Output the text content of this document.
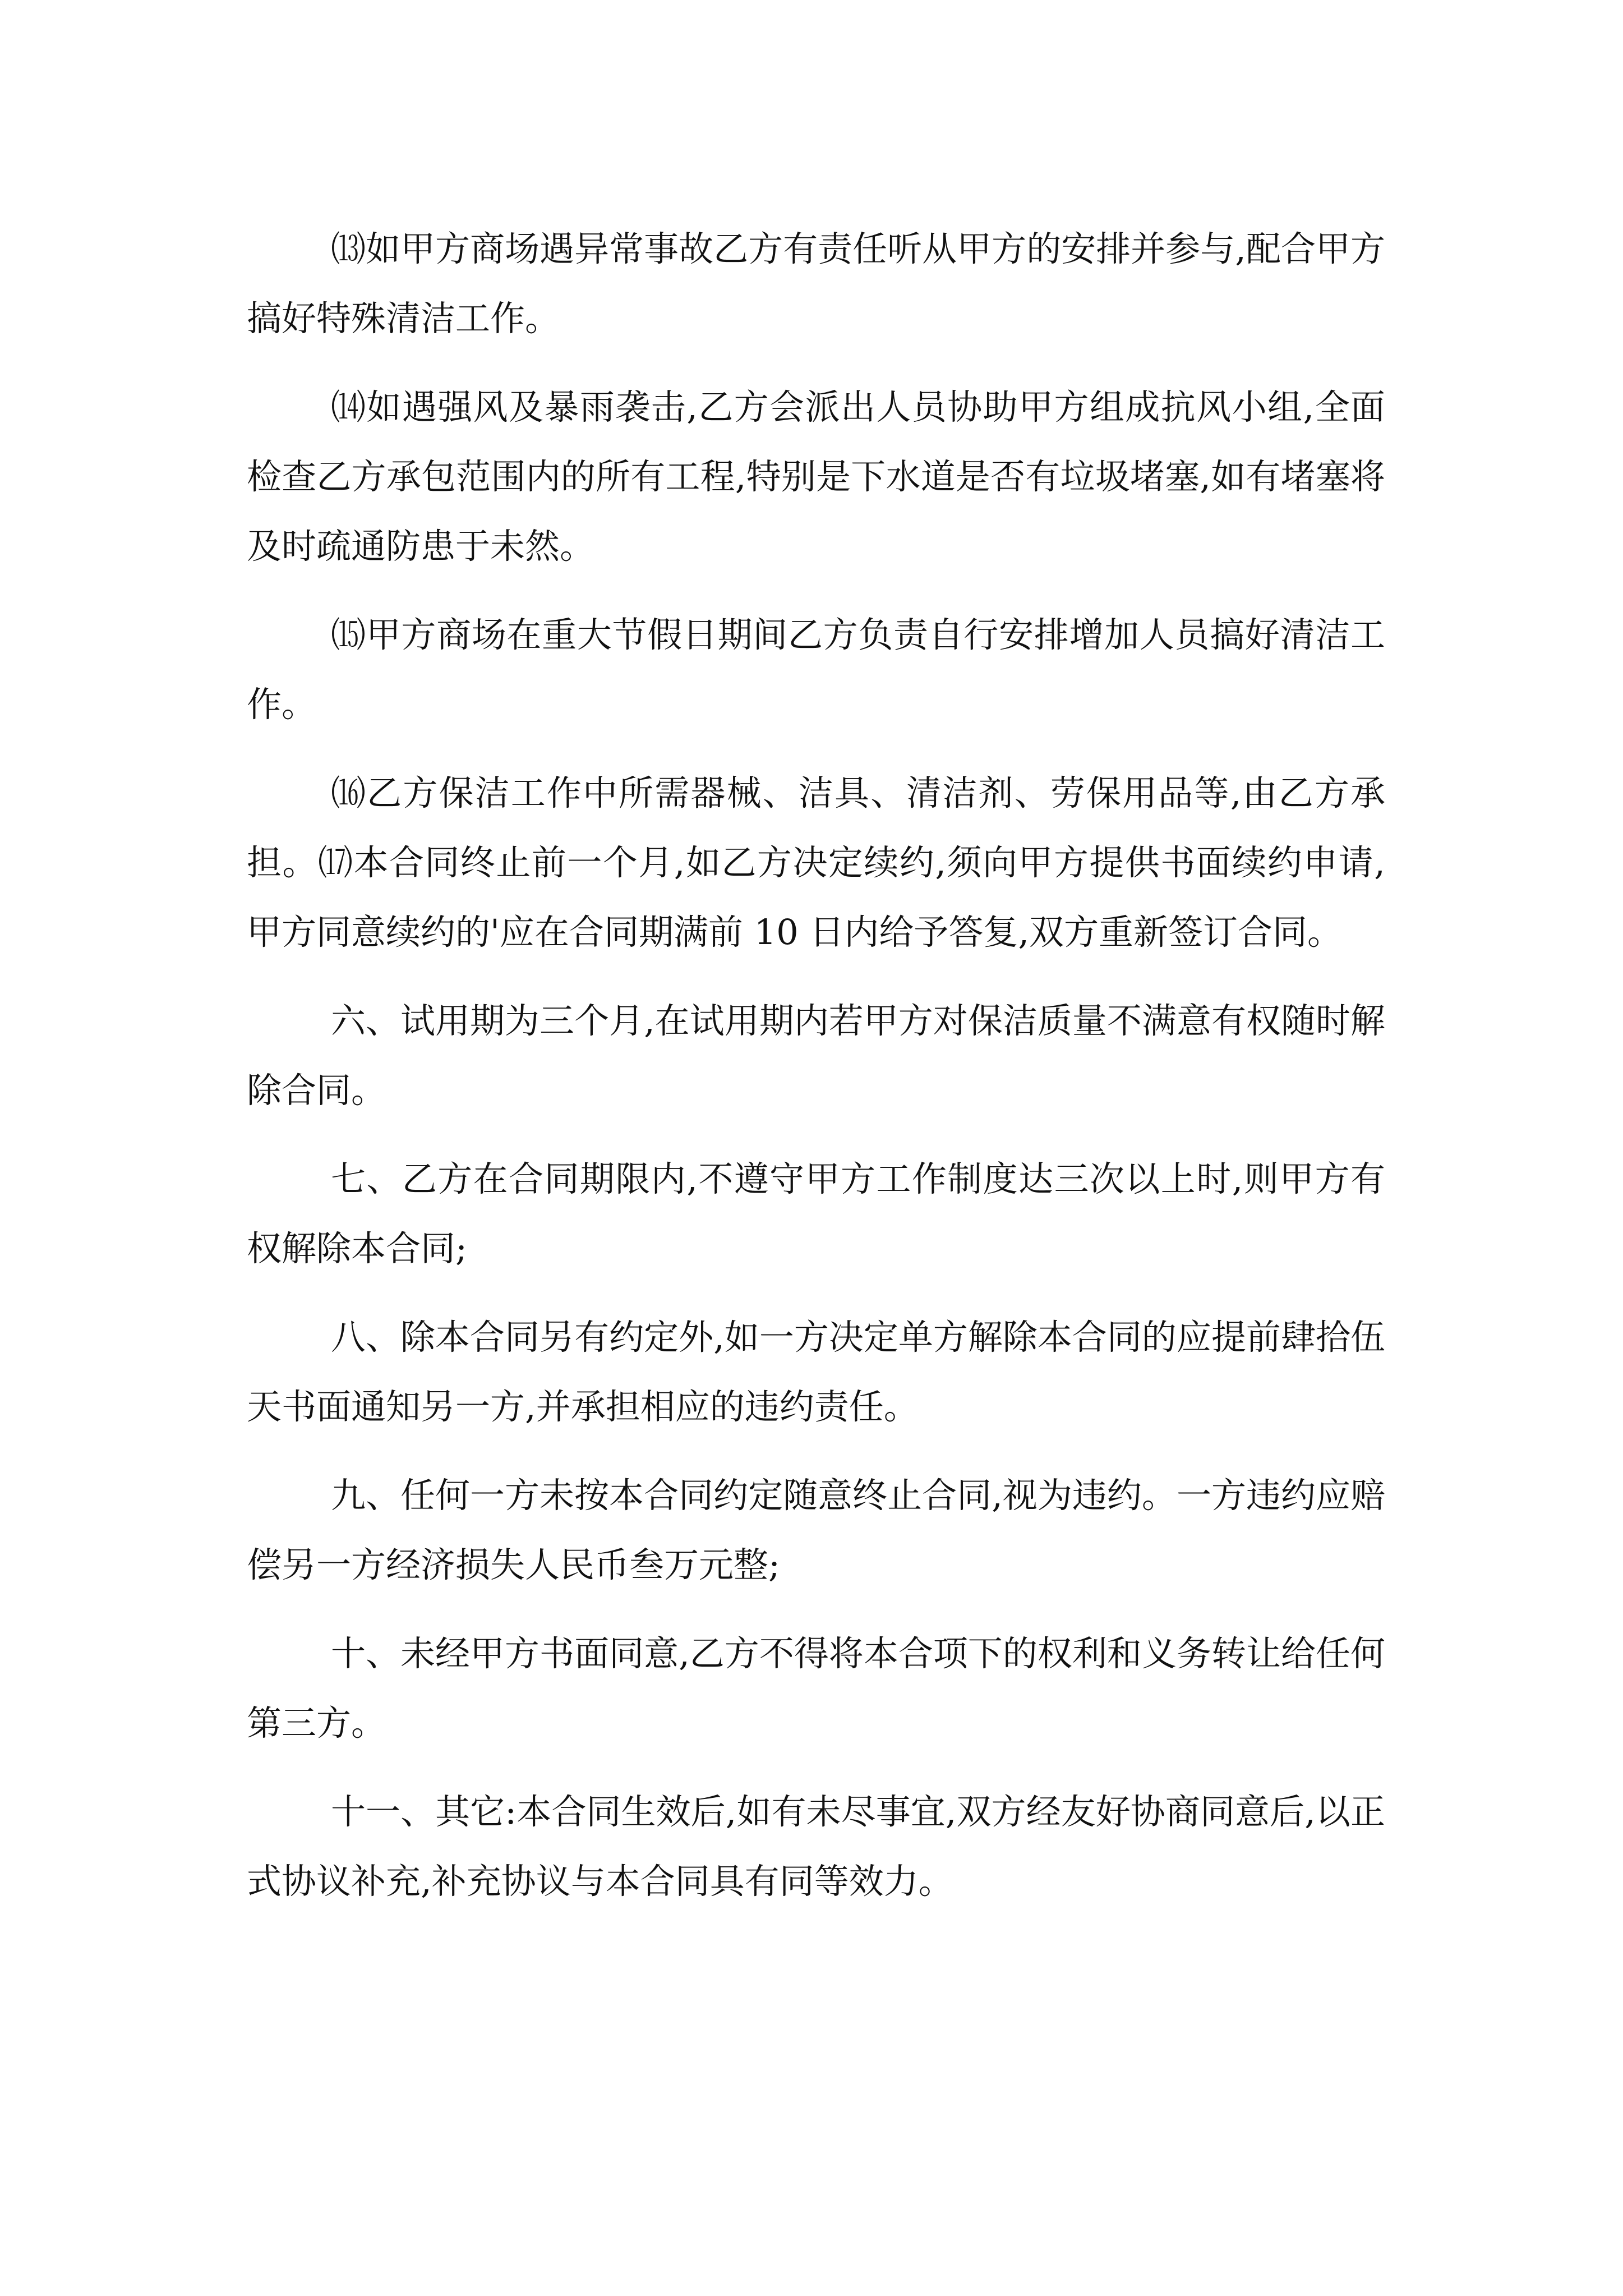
⒀如甲方商场遇异常事故乙方有责任听从甲方的安排并参与,配合甲方搞好特殊清洁工作。

⒁如遇强风及暴雨袭击,乙方会派出人员协助甲方组成抗风小组,全面检查乙方承包范围内的所有工程,特别是下水道是否有垃圾堵塞,如有堵塞将及时疏通防患于未然。

⒂甲方商场在重大节假日期间乙方负责自行安排增加人员搞好清洁工作。

⒃乙方保洁工作中所需器械、洁具、清洁剂、劳保用品等,由乙方承担。⒄本合同终止前一个月,如乙方决定续约,须向甲方提供书面续约申请,甲方同意续约的'应在合同期满前 10 日内给予答复,双方重新签订合同。

六、试用期为三个月,在试用期内若甲方对保洁质量不满意有权随时解除合同。

七、乙方在合同期限内,不遵守甲方工作制度达三次以上时,则甲方有权解除本合同;

八、除本合同另有约定外,如一方决定单方解除本合同的应提前肆拾伍天书面通知另一方,并承担相应的违约责任。

九、任何一方未按本合同约定随意终止合同,视为违约。一方违约应赔偿另一方经济损失人民币叁万元整;

十、未经甲方书面同意,乙方不得将本合项下的权利和义务转让给任何第三方。

十一、其它:本合同生效后,如有未尽事宜,双方经友好协商同意后,以正式协议补充,补充协议与本合同具有同等效力。
